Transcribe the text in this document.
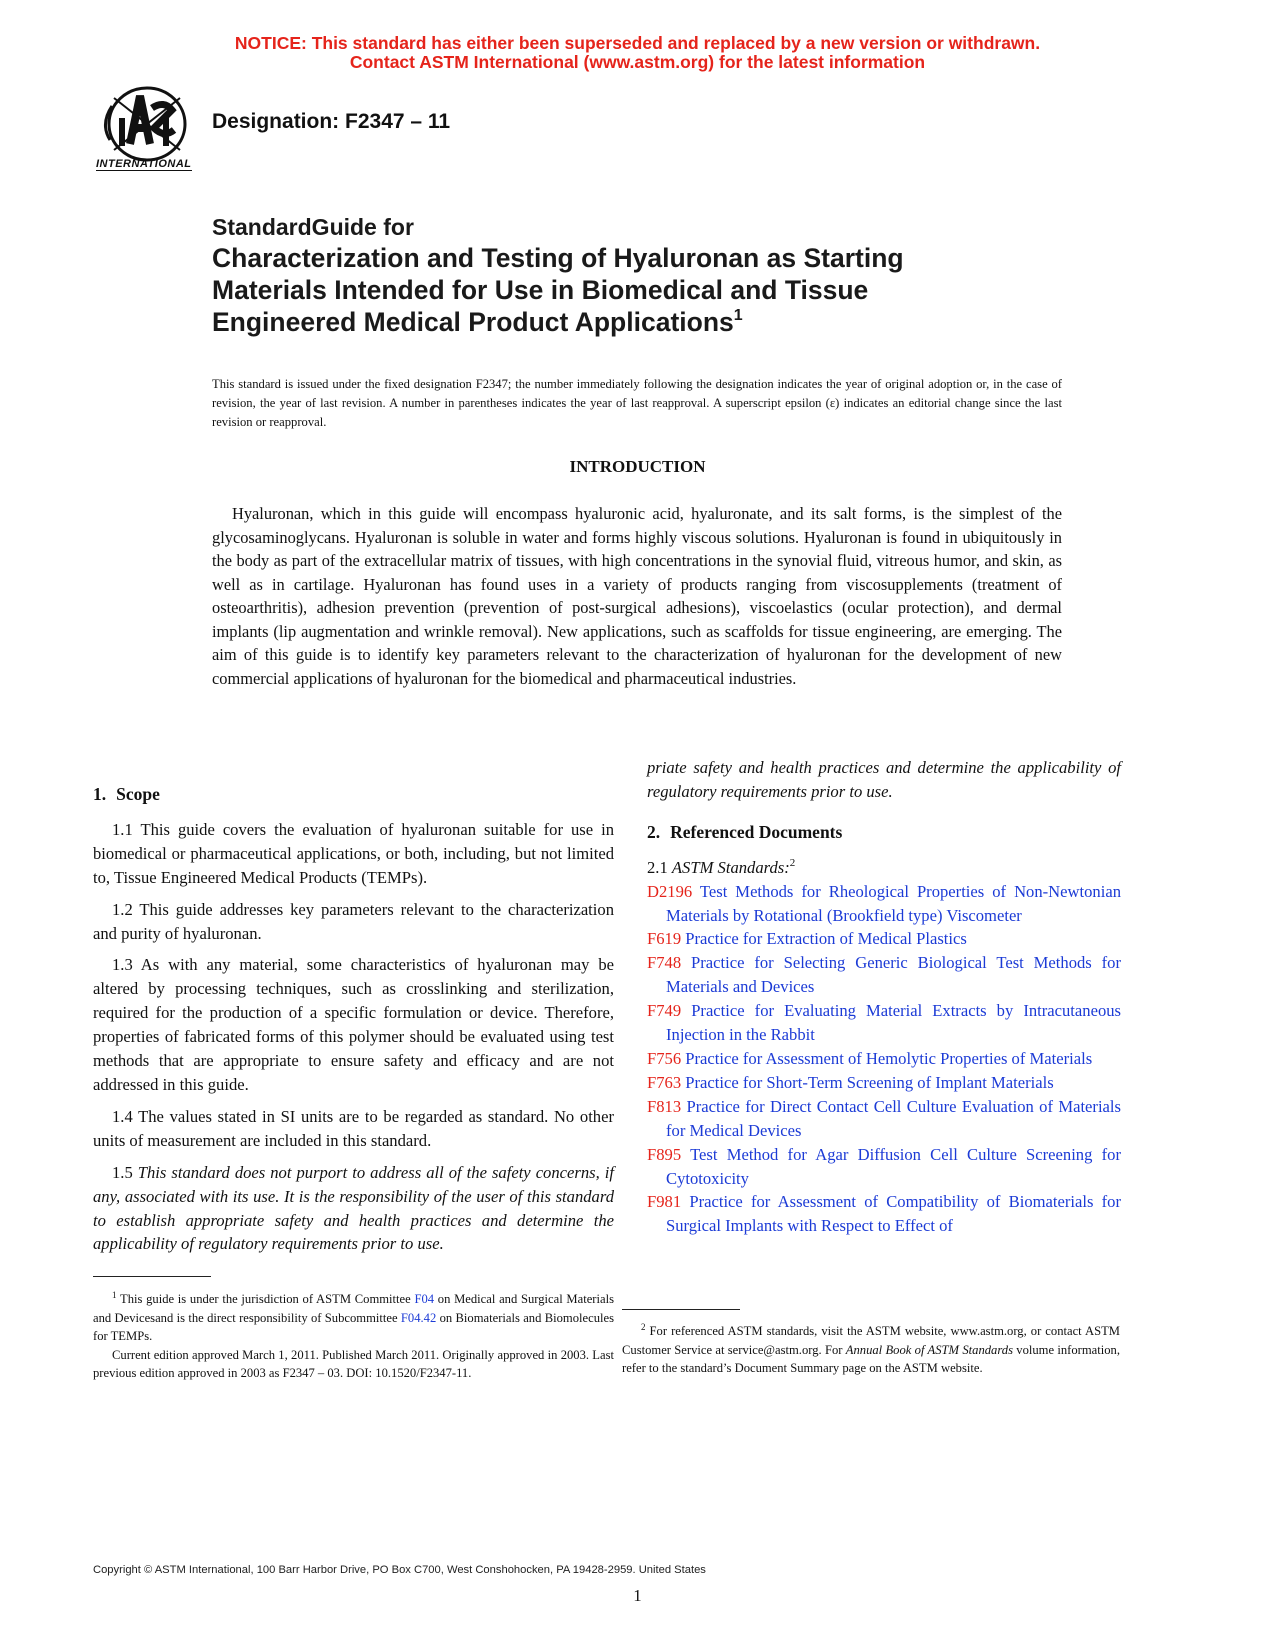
NOTICE: This standard has either been superseded and replaced by a new version or withdrawn.
Contact ASTM International (www.astm.org) for the latest information
INTERNATIONAL
Designation: F2347 – 11
StandardGuide for
Characterization and Testing of Hyaluronan as Starting
Materials Intended for Use in Biomedical and Tissue
Engineered Medical Product Applications$^1$
This standard is issued under the fixed designation F2347; the number immediately following the designation indicates the year of original adoption or, in the case of revision, the year of last revision. A number in parentheses indicates the year of last reapproval. A superscript epsilon (ε) indicates an editorial change since the last revision or reapproval.
INTRODUCTION
Hyaluronan, which in this guide will encompass hyaluronic acid, hyaluronate, and its salt forms, is the simplest of the glycosaminoglycans. Hyaluronan is soluble in water and forms highly viscous solutions. Hyaluronan is found in ubiquitously in the body as part of the extracellular matrix of tissues, with high concentrations in the synovial fluid, vitreous humor, and skin, as well as in cartilage. Hyaluronan has found uses in a variety of products ranging from viscosupplements (treatment of osteoarthritis), adhesion prevention (prevention of post-surgical adhesions), viscoelastics (ocular protection), and dermal implants (lip augmentation and wrinkle removal). New applications, such as scaffolds for tissue engineering, are emerging. The aim of this guide is to identify key parameters relevant to the characterization of hyaluronan for the development of new commercial applications of hyaluronan for the biomedical and pharmaceutical industries.
1. Scope

1.1 This guide covers the evaluation of hyaluronan suitable for use in biomedical or pharmaceutical applications, or both, including, but not limited to, Tissue Engineered Medical Products (TEMPs).

1.2 This guide addresses key parameters relevant to the characterization and purity of hyaluronan.

1.3 As with any material, some characteristics of hyaluronan may be altered by processing techniques, such as crosslinking and sterilization, required for the production of a specific formulation or device. Therefore, properties of fabricated forms of this polymer should be evaluated using test methods that are appropriate to ensure safety and efficacy and are not addressed in this guide.

1.4 The values stated in SI units are to be regarded as standard. No other units of measurement are included in this standard.

1.5 This standard does not purport to address all of the safety concerns, if any, associated with its use. It is the responsibility of the user of this standard to establish appropriate safety and health practices and determine the applicability of regulatory requirements prior to use.

priate safety and health practices and determine the applicability of regulatory requirements prior to use.

2. Referenced Documents

2.1 ASTM Standards:$^2$

D2196 Test Methods for Rheological Properties of Non-Newtonian Materials by Rotational (Brookfield type) Viscometer

F619 Practice for Extraction of Medical Plastics

F748 Practice for Selecting Generic Biological Test Methods for Materials and Devices

F749 Practice for Evaluating Material Extracts by Intracutaneous Injection in the Rabbit

F756 Practice for Assessment of Hemolytic Properties of Materials

F763 Practice for Short-Term Screening of Implant Materials

F813 Practice for Direct Contact Cell Culture Evaluation of Materials for Medical Devices

F895 Test Method for Agar Diffusion Cell Culture Screening for Cytotoxicity

F981 Practice for Assessment of Compatibility of Biomaterials for Surgical Implants with Respect to Effect of

$^1$ This guide is under the jurisdiction of ASTM Committee F04 on Medical and Surgical Materials and Devicesand is the direct responsibility of Subcommittee F04.42 on Biomaterials and Biomolecules for TEMPs.

Current edition approved March 1, 2011. Published March 2011. Originally approved in 2003. Last previous edition approved in 2003 as F2347 – 03. DOI: 10.1520/F2347-11.

$^2$ For referenced ASTM standards, visit the ASTM website, www.astm.org, or contact ASTM Customer Service at service@astm.org. For Annual Book of ASTM Standards volume information, refer to the standard’s Document Summary page on the ASTM website.

Copyright © ASTM International, 100 Barr Harbor Drive, PO Box C700, West Conshohocken, PA 19428-2959. United States
1
